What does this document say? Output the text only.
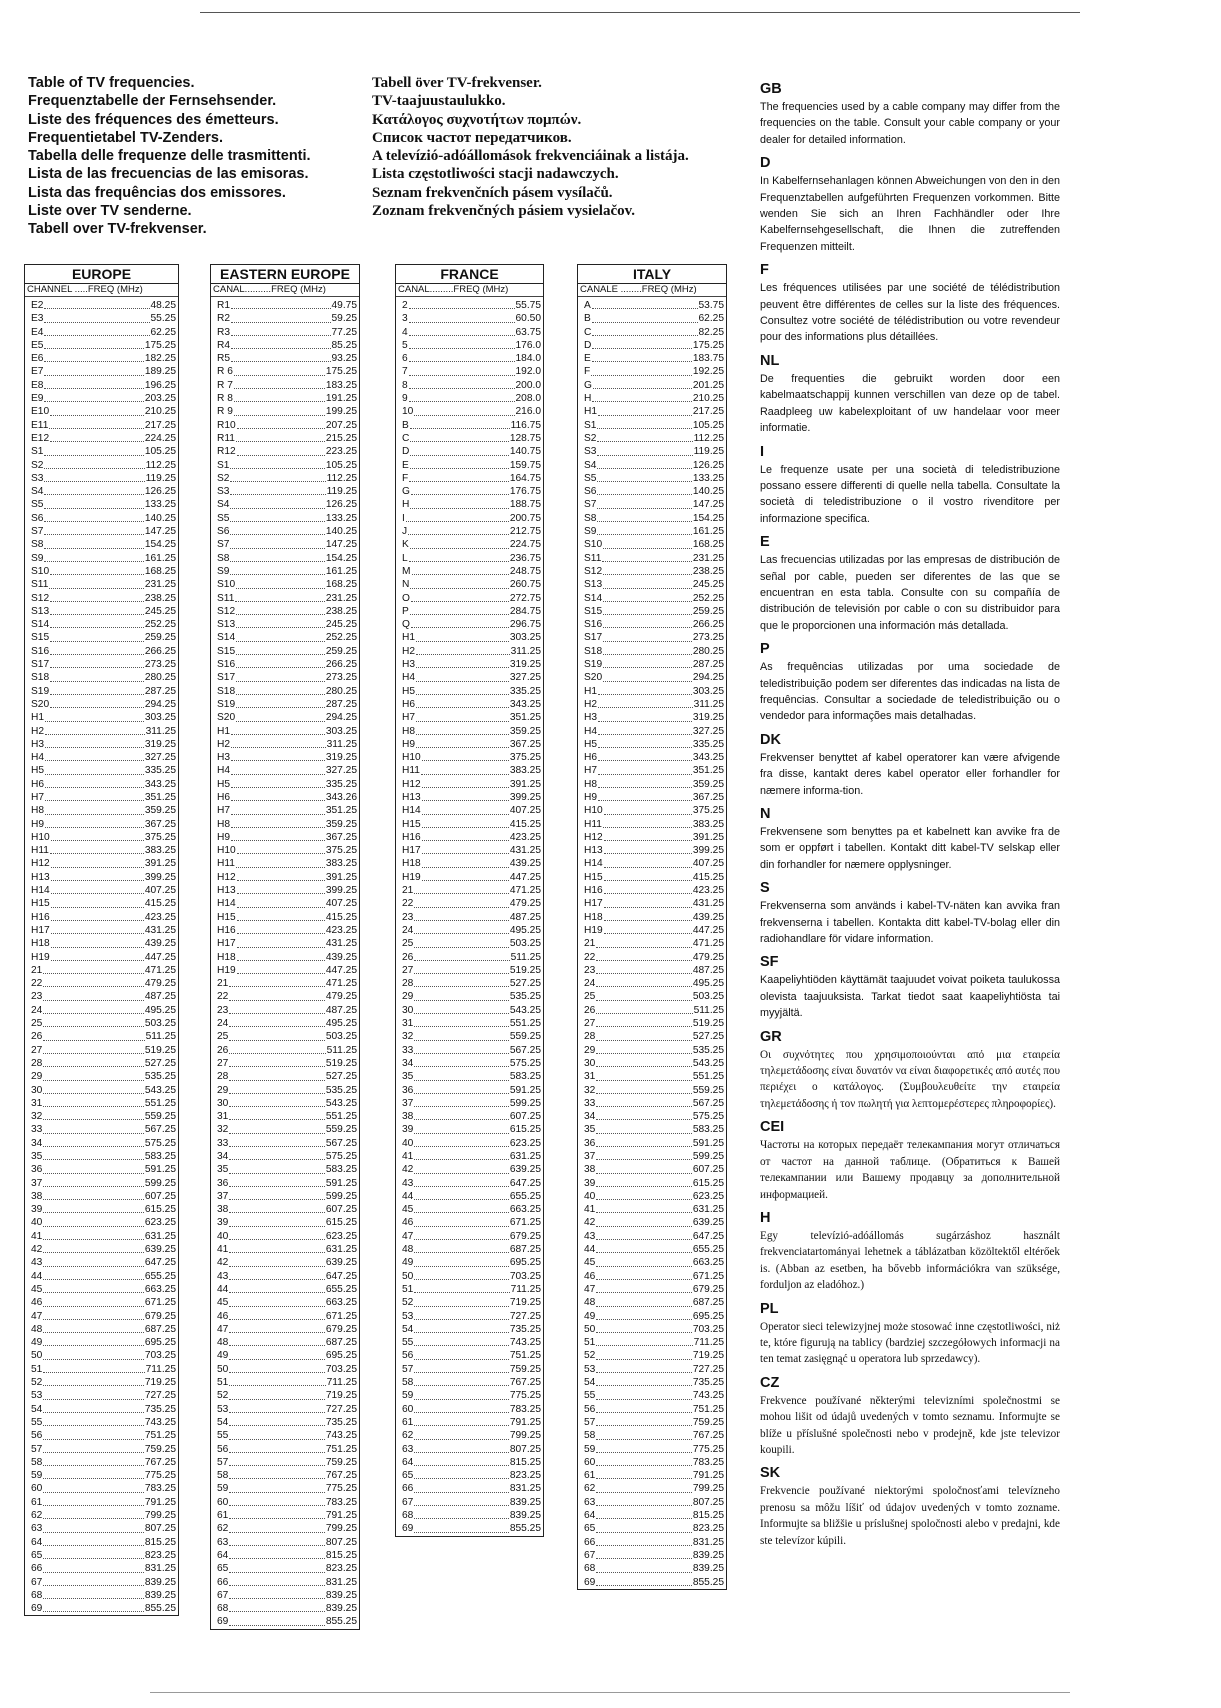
Table of TV frequencies.
Frequenztabelle der Fernsehsender.
Liste des fréquences des émetteurs.
Frequentietabel TV-Zenders.
Tabella delle frequenze delle trasmittenti.
Lista de las frecuencias de las emisoras.
Lista das frequências dos emissores.
Liste over TV senderne.
Tabell over TV-frekvenser.
Tabell över TV-frekvenser.
TV-taajuustaulukko.
Κατάλογος συχνοτήτων πομπών.
Список частот передатчиков.
A televízió-adóállomások frekvenciáinak a listája.
Lista częstotliwości stacji nadawczych.
Seznam frekvenčních pásem vysílačů.
Zoznam frekvenčných pásiem vysielačov.
EUROPE
CHANNEL .....FREQ (MHz)
E2	48.25
E3	55.25
E4	62.25
E5	175.25
E6	182.25
E7	189.25
E8	196.25
E9	203.25
E10	210.25
E11	217.25
E12	224.25
S1	105.25
S2	112.25
S3	119.25
S4	126.25
S5	133.25
S6	140.25
S7	147.25
S8	154.25
S9	161.25
S10	168.25
S11	231.25
S12	238.25
S13	245.25
S14	252.25
S15	259.25
S16	266.25
S17	273.25
S18	280.25
S19	287.25
S20	294.25
H1	303.25
H2	311.25
H3	319.25
H4	327.25
H5	335.25
H6	343.25
H7	351.25
H8	359.25
H9	367.25
H10	375.25
H11	383.25
H12	391.25
H13	399.25
H14	407.25
H15	415.25
H16	423.25
H17	431.25
H18	439.25
H19	447.25
21	471.25
22	479.25
23	487.25
24	495.25
25	503.25
26	511.25
27	519.25
28	527.25
29	535.25
30	543.25
31	551.25
32	559.25
33	567.25
34	575.25
35	583.25
36	591.25
37	599.25
38	607.25
39	615.25
40	623.25
41	631.25
42	639.25
43	647.25
44	655.25
45	663.25
46	671.25
47	679.25
48	687.25
49	695.25
50	703.25
51	711.25
52	719.25
53	727.25
54	735.25
55	743.25
56	751.25
57	759.25
58	767.25
59	775.25
60	783.25
61	791.25
62	799.25
63	807.25
64	815.25
65	823.25
66	831.25
67	839.25
68	839.25
69	855.25
EASTERN EUROPE
CANAL..........FREQ (MHz)
R1	49.75
R2	59.25
R3	77.25
R4	85.25
R5	93.25
R 6	175.25
R 7	183.25
R 8	191.25
R 9	199.25
R10	207.25
R11	215.25
R12	223.25
S1	105.25
S2	112.25
S3	119.25
S4	126.25
S5	133.25
S6	140.25
S7	147.25
S8	154.25
S9	161.25
S10	168.25
S11	231.25
S12	238.25
S13	245.25
S14	252.25
S15	259.25
S16	266.25
S17	273.25
S18	280.25
S19	287.25
S20	294.25
H1	303.25
H2	311.25
H3	319.25
H4	327.25
H5	335.25
H6	343.26
H7	351.25
H8	359.25
H9	367.25
H10	375.25
H11	383.25
H12	391.25
H13	399.25
H14	407.25
H15	415.25
H16	423.25
H17	431.25
H18	439.25
H19	447.25
21	471.25
22	479.25
23	487.25
24	495.25
25	503.25
26	511.25
27	519.25
28	527.25
29	535.25
30	543.25
31	551.25
32	559.25
33	567.25
34	575.25
35	583.25
36	591.25
37	599.25
38	607.25
39	615.25
40	623.25
41	631.25
42	639.25
43	647.25
44	655.25
45	663.25
46	671.25
47	679.25
48	687.25
49	695.25
50	703.25
51	711.25
52	719.25
53	727.25
54	735.25
55	743.25
56	751.25
57	759.25
58	767.25
59	775.25
60	783.25
61	791.25
62	799.25
63	807.25
64	815.25
65	823.25
66	831.25
67	839.25
68	839.25
69	855.25
FRANCE
CANAL.........FREQ (MHz)
2	55.75
3	60.50
4	63.75
5	176.0
6	184.0
7	192.0
8	200.0
9	208.0
10	216.0
B	116.75
C	128.75
D	140.75
E	159.75
F	164.75
G	176.75
H	188.75
I	200.75
J	212.75
K	224.75
L	236.75
M	248.75
N	260.75
O	272.75
P	284.75
Q	296.75
H1	303.25
H2	311.25
H3	319.25
H4	327.25
H5	335.25
H6	343.25
H7	351.25
H8	359.25
H9	367.25
H10	375.25
H11	383.25
H12	391.25
H13	399.25
H14	407.25
H15	415.25
H16	423.25
H17	431.25
H18	439.25
H19	447.25
21	471.25
22	479.25
23	487.25
24	495.25
25	503.25
26	511.25
27	519.25
28	527.25
29	535.25
30	543.25
31	551.25
32	559.25
33	567.25
34	575.25
35	583.25
36	591.25
37	599.25
38	607.25
39	615.25
40	623.25
41	631.25
42	639.25
43	647.25
44	655.25
45	663.25
46	671.25
47	679.25
48	687.25
49	695.25
50	703.25
51	711.25
52	719.25
53	727.25
54	735.25
55	743.25
56	751.25
57	759.25
58	767.25
59	775.25
60	783.25
61	791.25
62	799.25
63	807.25
64	815.25
65	823.25
66	831.25
67	839.25
68	839.25
69	855.25
ITALY
CANALE ........FREQ (MHz)
A	53.75
B	62.25
C	82.25
D	175.25
E	183.75
F	192.25
G	201.25
H	210.25
H1	217.25
S1	105.25
S2	112.25
S3	119.25
S4	126.25
S5	133.25
S6	140.25
S7	147.25
S8	154.25
S9	161.25
S10	168.25
S11	231.25
S12	238.25
S13	245.25
S14	252.25
S15	259.25
S16	266.25
S17	273.25
S18	280.25
S19	287.25
S20	294.25
H1	303.25
H2	311.25
H3	319.25
H4	327.25
H5	335.25
H6	343.25
H7	351.25
H8	359.25
H9	367.25
H10	375.25
H11	383.25
H12	391.25
H13	399.25
H14	407.25
H15	415.25
H16	423.25
H17	431.25
H18	439.25
H19	447.25
21	471.25
22	479.25
23	487.25
24	495.25
25	503.25
26	511.25
27	519.25
28	527.25
29	535.25
30	543.25
31	551.25
32	559.25
33	567.25
34	575.25
35	583.25
36	591.25
37	599.25
38	607.25
39	615.25
40	623.25
41	631.25
42	639.25
43	647.25
44	655.25
45	663.25
46	671.25
47	679.25
48	687.25
49	695.25
50	703.25
51	711.25
52	719.25
53	727.25
54	735.25
55	743.25
56	751.25
57	759.25
58	767.25
59	775.25
60	783.25
61	791.25
62	799.25
63	807.25
64	815.25
65	823.25
66	831.25
67	839.25
68	839.25
69	855.25
GB
The frequencies used by a cable company may differ from the frequencies on the table. Consult your cable company or your dealer for detailed information.
D
In Kabelfernsehanlagen können Abweichungen von den in den Frequenztabellen aufgeführten Frequenzen vorkommen. Bitte wenden Sie sich an Ihren Fachhändler oder Ihre Kabelfernsehgesellschaft, die Ihnen die zutreffenden Frequenzen mitteilt.
F
Les fréquences utilisées par une société de télédistribution peuvent être différentes de celles sur la liste des fréquences. Consultez votre société de télédistribution ou votre revendeur pour des informations plus détaillées.
NL
De frequenties die gebruikt worden door een kabelmaatschappij kunnen verschillen van deze op de tabel. Raadpleeg uw kabelexploitant of uw handelaar voor meer informatie.
I
Le frequenze usate per una società di teledistribuzione possano essere differenti di quelle nella tabella. Consultate la società di teledistribuzione o il vostro rivenditore per informazione specifica.
E
Las frecuencias utilizadas por las empresas de distribución de señal por cable, pueden ser diferentes de las que se encuentran en esta tabla. Consulte con su compañía de distribución de televisión por cable o con su distribuidor para que le proporcionen una información más detallada.
P
As frequências utilizadas por uma sociedade de teledistribuição podem ser diferentes das indicadas na lista de frequências. Consultar a sociedade de teledistribuição ou o vendedor para informações mais detalhadas.
DK
Frekvenser benyttet af kabel operatorer kan være afvigende fra disse, kantakt deres kabel operator eller forhandler for næmere informa-tion.
N
Frekvensene som benyttes pa et kabelnett kan avvike fra de som er oppført i tabellen. Kontakt ditt kabel-TV selskap eller din forhandler for næmere opplysninger.
S
Frekvenserna som används i kabel-TV-näten kan avvika fran frekvenserna i tabellen. Kontakta ditt kabel-TV-bolag eller din radiohandlare för vidare information.
SF
Kaapeliyhtiöden käyttämät taajuudet voivat poiketa taulukossa olevista taajuuksista. Tarkat tiedot saat kaapeliyhtiösta tai myyjältä.
GR
Οι συχνότητες που χρησιμοποιούνται από μια εταιρεία τηλεμετάδοσης είναι δυνατόν να είναι διαφορετικές από αυτές που περιέχει ο κατάλογος. (Συμβουλευθείτε την εταιρεία τηλεμετάδοσης ή τον πωλητή για λεπτομερέστερες πληροφορίες).
CEI
Частоты на которых передаёт телекампания могут отличаться от частот на данной таблице. (Обратиться к Вашей телекампании или Вашему продавцу за дополнительной информацией.
H
Egy televízió-adóállomás sugárzáshoz használt frekvenciatartományai lehetnek a táblázatban közöltektől eltérőek is. (Abban az esetben, ha bővebb információkra van szüksége, forduljon az eladóhoz.)
PL
Operator sieci telewizyjnej może stosować inne częstotliwości, niż te, które figurują na tablicy (bardziej szczegółowych informacji na ten temat zasięgnąć u operatora lub sprzedawcy).
CZ
Frekvence používané některými televizními společnostmi se mohou lišit od údajů uvedených v tomto seznamu. Informujte se blíže u příslušné společnosti nebo v prodejně, kde jste televizor koupili.
SK
Frekvencie používané niektorými spoločnosťami televízneho prenosu sa môžu líšiť od údajov uvedených v tomto zozname. Informujte sa bližšie u príslušnej spoločnosti alebo v predajni, kde ste televízor kúpili.
